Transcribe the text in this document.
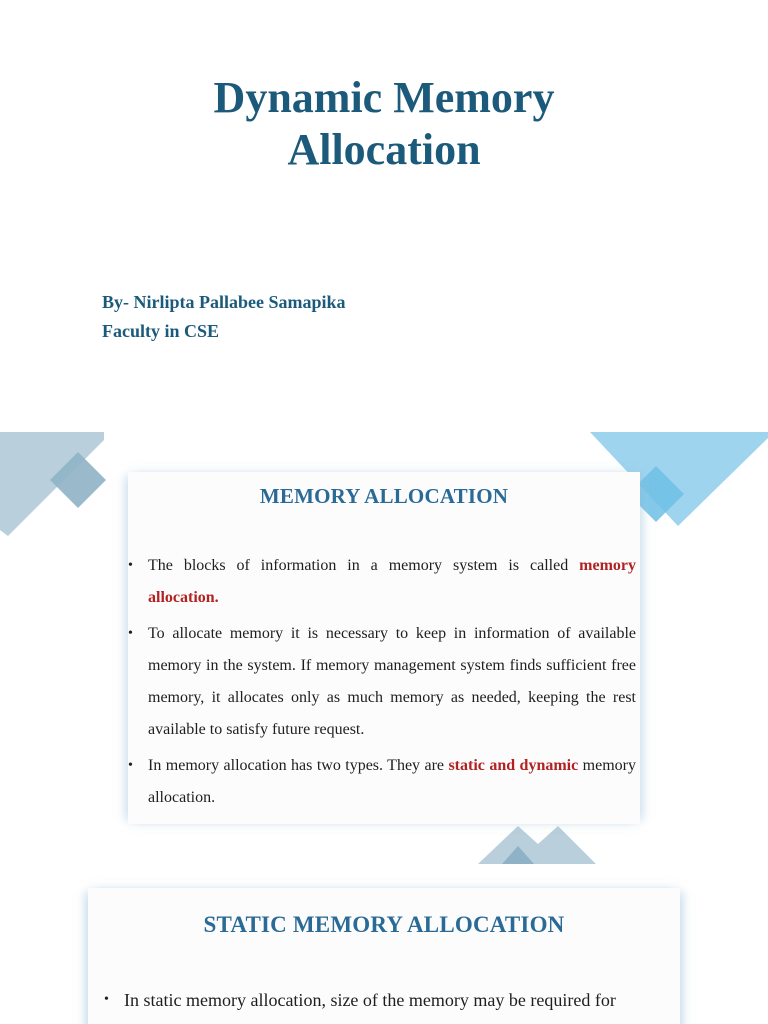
Dynamic Memory
Allocation
By- Nirlipta Pallabee Samapika
Faculty in CSE
MEMORY ALLOCATION
• The blocks of information in a memory system is called memory allocation.
• To allocate memory it is necessary to keep in information of available memory in the system. If memory management system finds sufficient free memory, it allocates only as much memory as needed, keeping the rest available to satisfy future request.
• In memory allocation has two types. They are static and dynamic memory allocation.
STATIC MEMORY ALLOCATION
• In static memory allocation, size of the memory may be required for
